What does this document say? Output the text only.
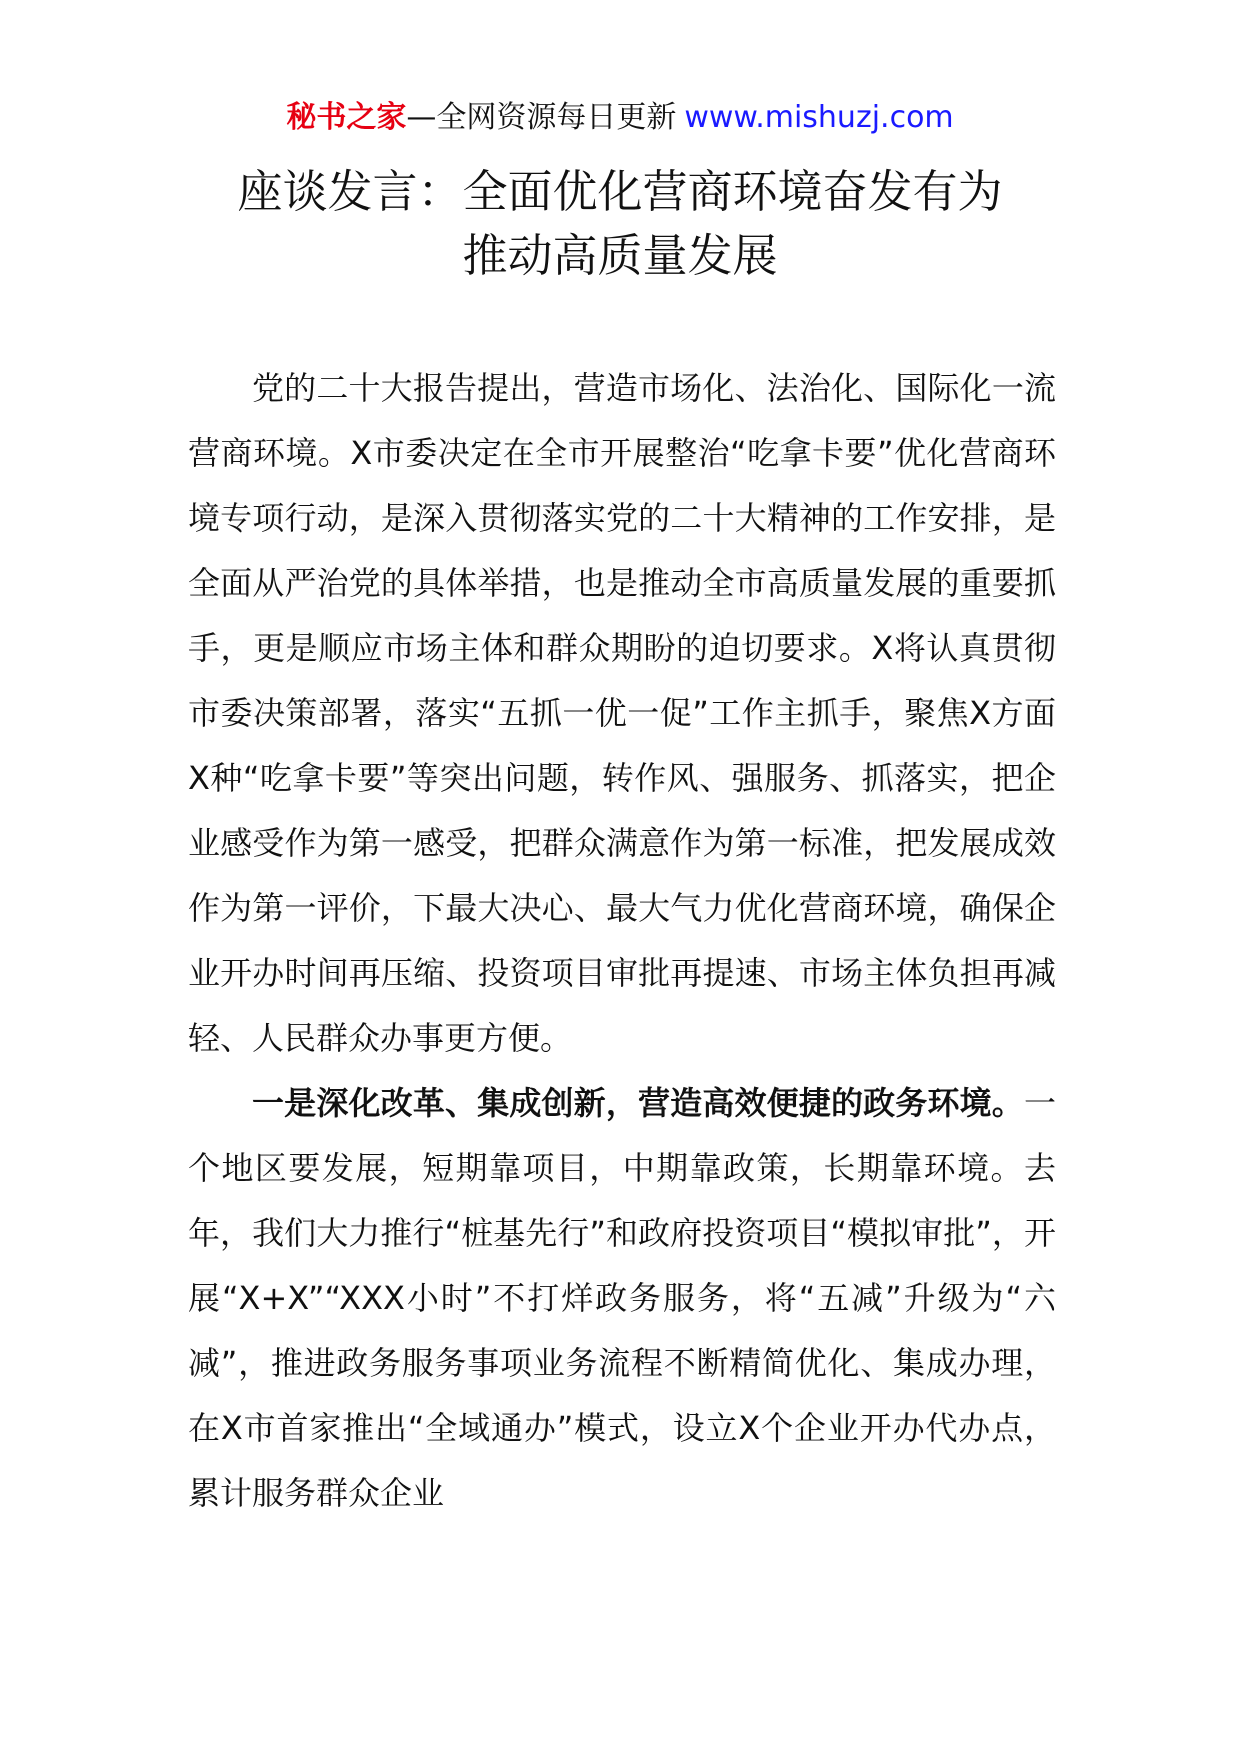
秘书之家—全网资源每日更新 www.mishuzj.com
座谈发言：全面优化营商环境奋发有为
推动高质量发展

党的二十大报告提出，营造市场化、法治化、国际化一流营商环境。X市委决定在全市开展整治“吃拿卡要”优化营商环境专项行动，是深入贯彻落实党的二十大精神的工作安排，是全面从严治党的具体举措，也是推动全市高质量发展的重要抓手，更是顺应市场主体和群众期盼的迫切要求。X将认真贯彻市委决策部署，落实“五抓一优一促”工作主抓手，聚焦X方面X种“吃拿卡要”等突出问题，转作风、强服务、抓落实，把企业感受作为第一感受，把群众满意作为第一标准，把发展成效作为第一评价，下最大决心、最大气力优化营商环境，确保企业开办时间再压缩、投资项目审批再提速、市场主体负担再减轻、人民群众办事更方便。

一是深化改革、集成创新，营造高效便捷的政务环境。一个地区要发展，短期靠项目，中期靠政策，长期靠环境。去年，我们大力推行“桩基先行”和政府投资项目“模拟审批”，开展“X+X”“XXX小时”不打烊政务服务，将“五减”升级为“六减”，推进政务服务事项业务流程不断精简优化、集成办理，在X市首家推出“全域通办”模式，设立X个企业开办代办点，累计服务群众企业
